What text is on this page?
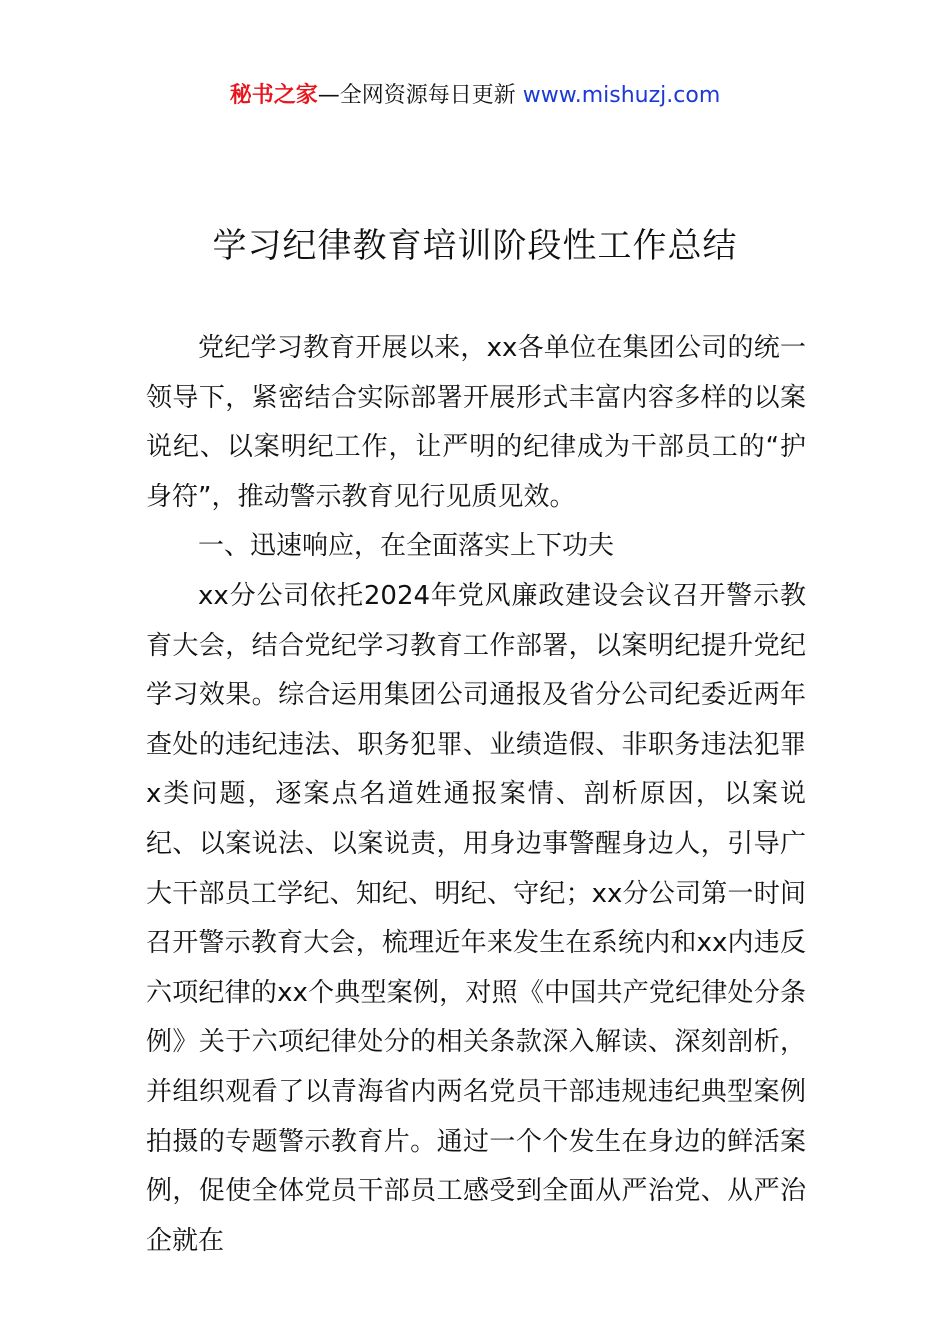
秘书之家—全网资源每日更新 www.mishuzj.com
学习纪律教育培训阶段性工作总结

党纪学习教育开展以来，xx各单位在集团公司的统一领导下，紧密结合实际部署开展形式丰富内容多样的以案说纪、以案明纪工作，让严明的纪律成为干部员工的“护身符”，推动警示教育见行见质见效。

一、迅速响应，在全面落实上下功夫

xx分公司依托2024年党风廉政建设会议召开警示教育大会，结合党纪学习教育工作部署，以案明纪提升党纪学习效果。综合运用集团公司通报及省分公司纪委近两年查处的违纪违法、职务犯罪、业绩造假、非职务违法犯罪x类问题，逐案点名道姓通报案情、剖析原因，以案说纪、以案说法、以案说责，用身边事警醒身边人，引导广大干部员工学纪、知纪、明纪、守纪；xx分公司第一时间召开警示教育大会，梳理近年来发生在系统内和xx内违反六项纪律的xx个典型案例，对照《中国共产党纪律处分条例》关于六项纪律处分的相关条款深入解读、深刻剖析，并组织观看了以青海省内两名党员干部违规违纪典型案例拍摄的专题警示教育片。通过一个个发生在身边的鲜活案例，促使全体党员干部员工感受到全面从严治党、从严治企就在
